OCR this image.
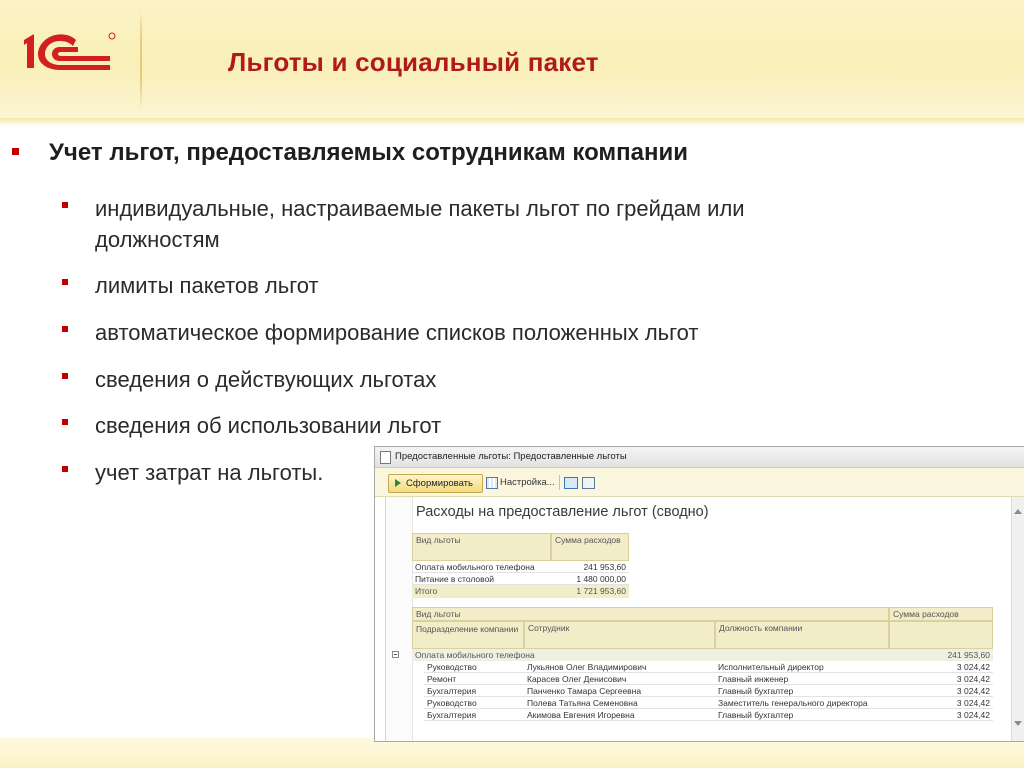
Льготы и социальный пакет
Учет льгот, предоставляемых сотрудникам компании
индивидуальные, настраиваемые пакеты льгот по грейдам или
должностям
лимиты пакетов льгот
автоматическое формирование списков положенных льгот
сведения о действующих льготах
сведения об использовании льгот
учет затрат на льготы.
Предоставленные льготы: Предоставленные льготы
Сформировать	Настройка...
Расходы на предоставление льгот (сводно)
Вид льготы	Сумма расходов
Оплата мобильного телефона	241 953,60
Питание в столовой	1 480 000,00
Итого	1 721 953,60
Вид льготы	Сумма расходов
Подразделение компании	Сотрудник	Должность компании
Оплата мобильного телефона	241 953,60
Руководство	Лукьянов Олег Владимирович	Исполнительный директор	3 024,42
Ремонт	Карасев Олег Денисович	Главный инженер	3 024,42
Бухгалтерия	Панченко Тамара Сергеевна	Главный бухгалтер	3 024,42
Руководство	Полева Татьяна Семеновна	Заместитель генерального директора	3 024,42
Бухгалтерия	Акимова Евгения Игоревна	Главный бухгалтер	3 024,42
